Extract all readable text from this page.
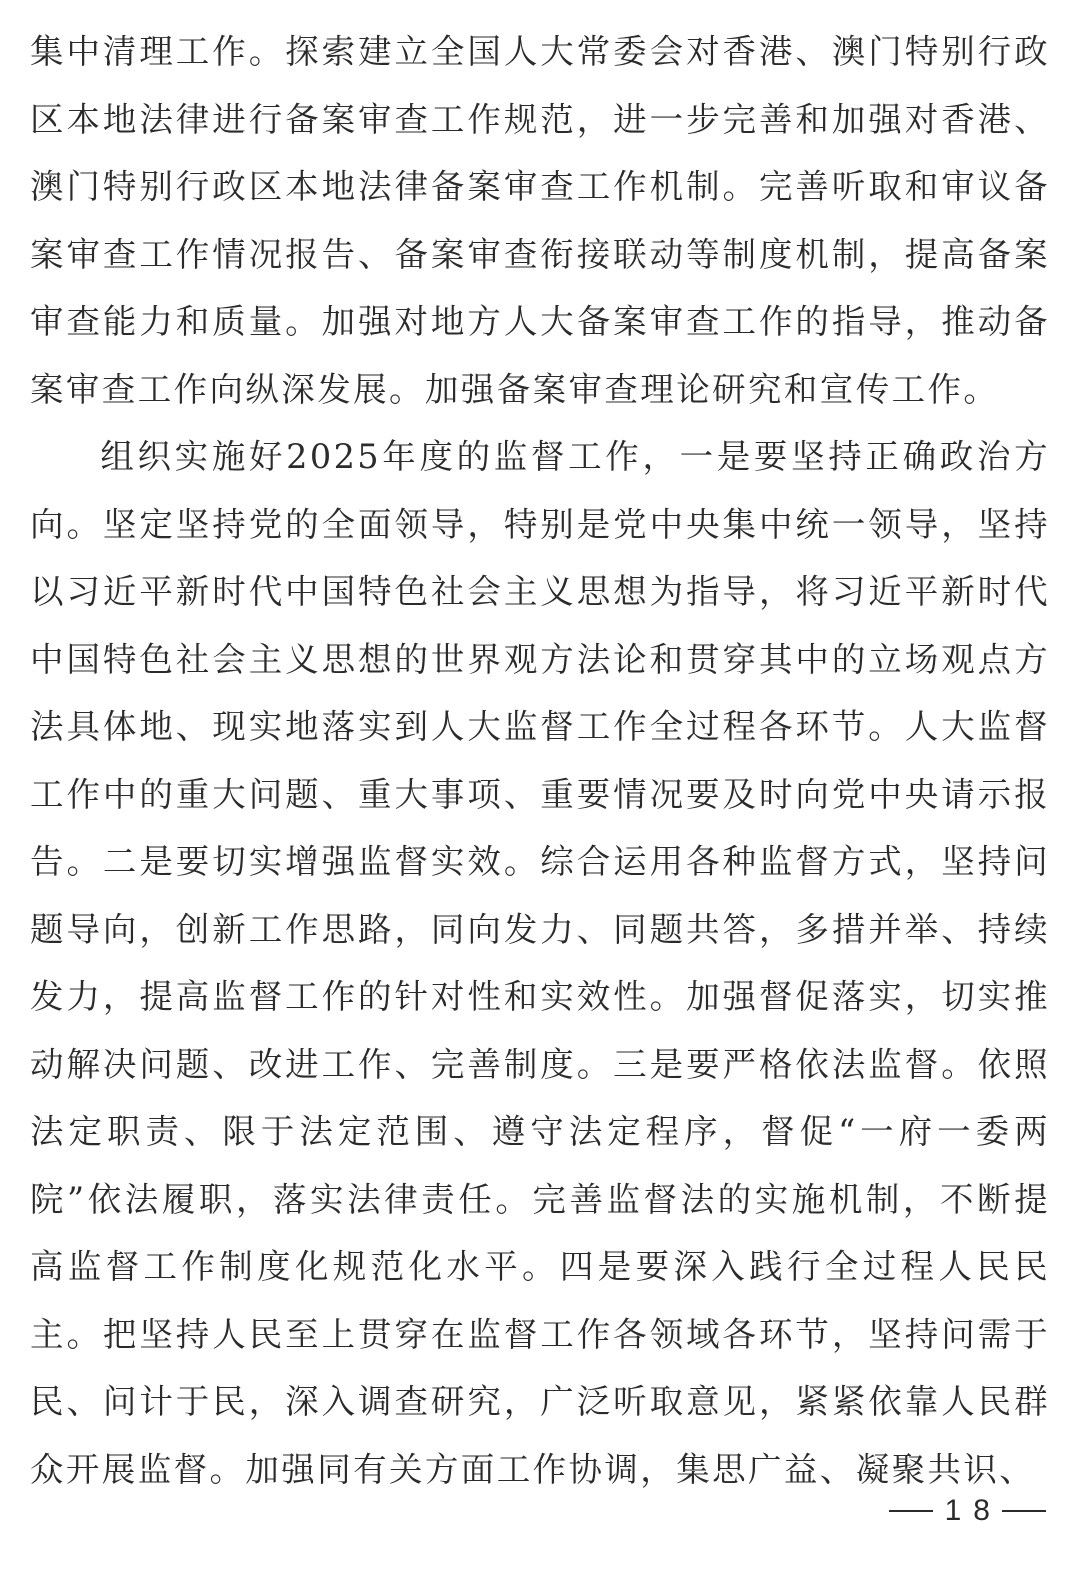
集中清理工作。探索建立全国人大常委会对香港、澳门特别行政区本地法律进行备案审查工作规范，进一步完善和加强对香港、澳门特别行政区本地法律备案审查工作机制。完善听取和审议备案审查工作情况报告、备案审查衔接联动等制度机制，提高备案审查能力和质量。加强对地方人大备案审查工作的指导，推动备案审查工作向纵深发展。加强备案审查理论研究和宣传工作。

组织实施好2025年度的监督工作，一是要坚持正确政治方向。坚定坚持党的全面领导，特别是党中央集中统一领导，坚持以习近平新时代中国特色社会主义思想为指导，将习近平新时代中国特色社会主义思想的世界观方法论和贯穿其中的立场观点方法具体地、现实地落实到人大监督工作全过程各环节。人大监督工作中的重大问题、重大事项、重要情况要及时向党中央请示报告。二是要切实增强监督实效。综合运用各种监督方式，坚持问题导向，创新工作思路，同向发力、同题共答，多措并举、持续发力，提高监督工作的针对性和实效性。加强督促落实，切实推动解决问题、改进工作、完善制度。三是要严格依法监督。依照法定职责、限于法定范围、遵守法定程序，督促“一府一委两院”依法履职，落实法律责任。完善监督法的实施机制，不断提高监督工作制度化规范化水平。四是要深入践行全过程人民民主。把坚持人民至上贯穿在监督工作各领域各环节，坚持问需于民、问计于民，深入调查研究，广泛听取意见，紧紧依靠人民群众开展监督。加强同有关方面工作协调，集思广益、凝聚共识、

18
